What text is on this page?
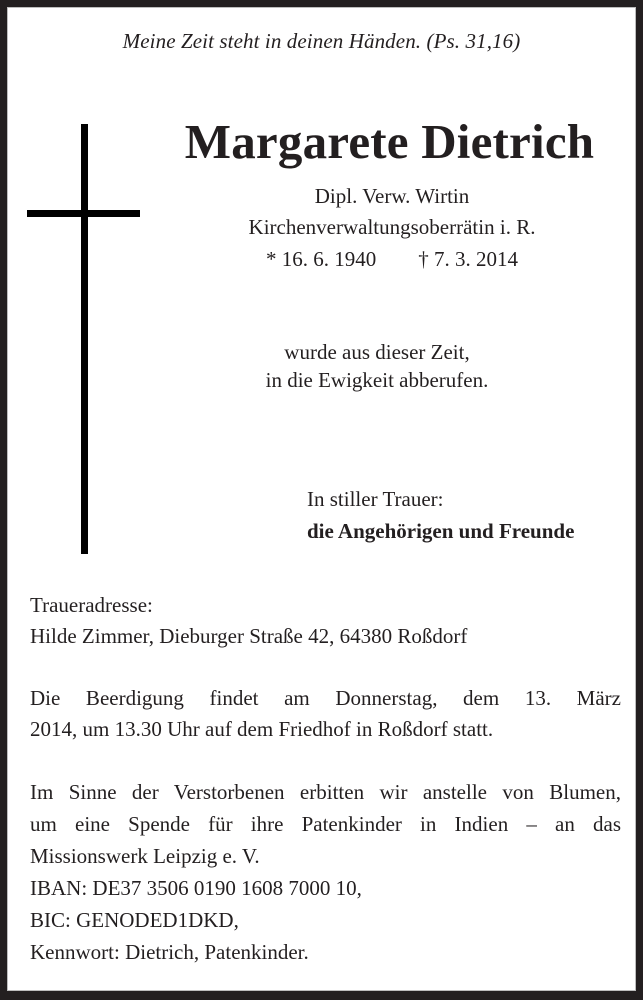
Meine Zeit steht in deinen Händen. (Ps. 31,16)
Margarete Dietrich
Dipl. Verw. Wirtin
Kirchenverwaltungsoberrätin i. R.
* 16. 6. 1940 † 7. 3. 2014
wurde aus dieser Zeit,
in die Ewigkeit abberufen.
In stiller Trauer:
die Angehörigen und Freunde
Traueradresse:
Hilde Zimmer, Dieburger Straße 42, 64380 Roßdorf
Die Beerdigung findet am Donnerstag, dem 13. März
2014, um 13.30 Uhr auf dem Friedhof in Roßdorf statt.
Im Sinne der Verstorbenen erbitten wir anstelle von Blumen,
um eine Spende für ihre Patenkinder in Indien – an das
Missionswerk Leipzig e. V.
IBAN: DE37 3506 0190 1608 7000 10,
BIC: GENODED1DKD,
Kennwort: Dietrich, Patenkinder.
